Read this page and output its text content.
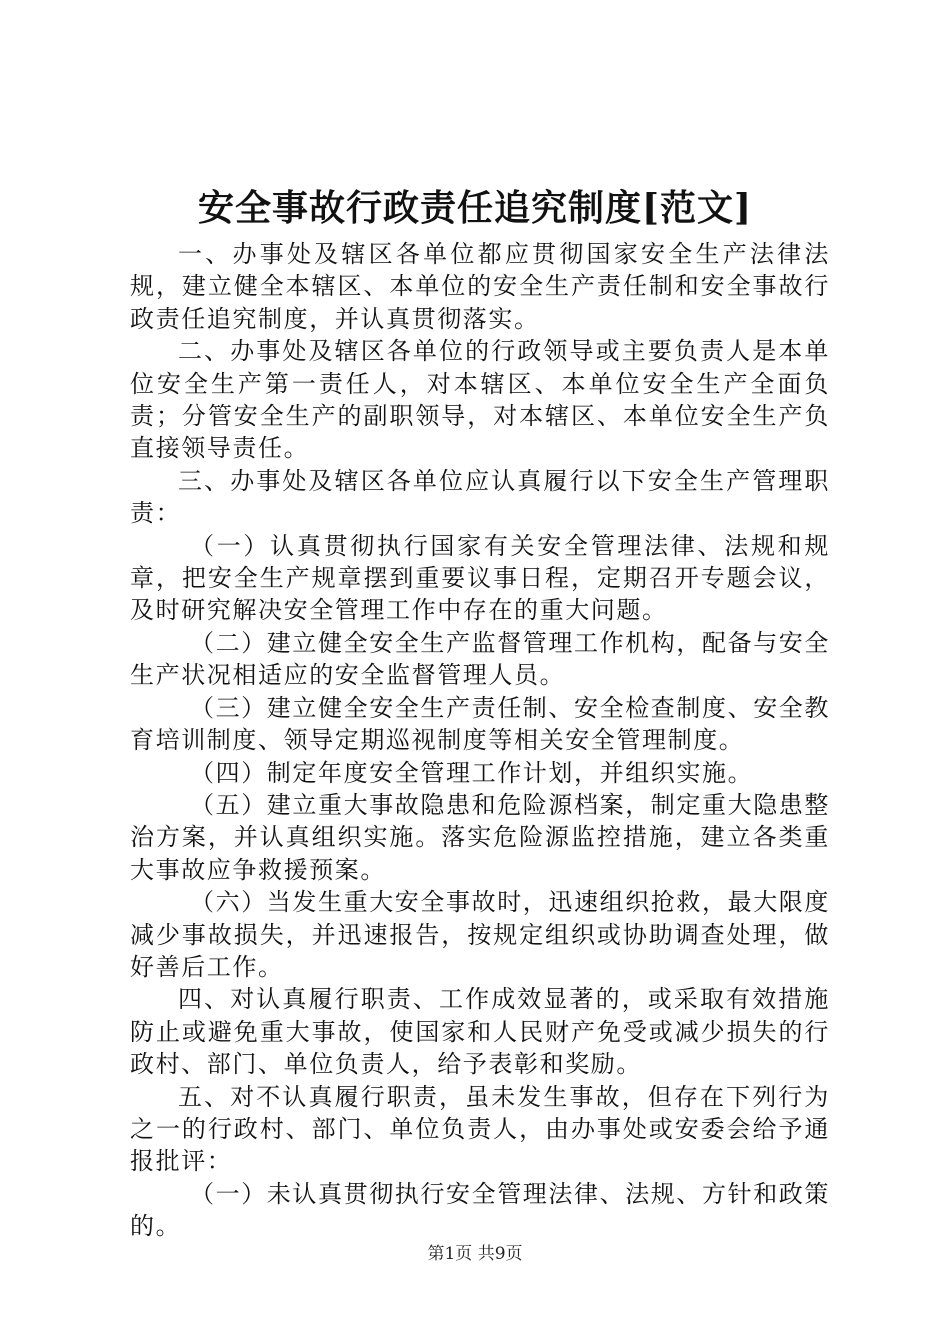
安全事故行政责任追究制度[范文]

一、办事处及辖区各单位都应贯彻国家安全生产法律法规，建立健全本辖区、本单位的安全生产责任制和安全事故行政责任追究制度，并认真贯彻落实。

二、办事处及辖区各单位的行政领导或主要负责人是本单位安全生产第一责任人，对本辖区、本单位安全生产全面负责；分管安全生产的副职领导，对本辖区、本单位安全生产负直接领导责任。

三、办事处及辖区各单位应认真履行以下安全生产管理职责：

（一）认真贯彻执行国家有关安全管理法律、法规和规章，把安全生产规章摆到重要议事日程，定期召开专题会议，及时研究解决安全管理工作中存在的重大问题。

（二）建立健全安全生产监督管理工作机构，配备与安全生产状况相适应的安全监督管理人员。

（三）建立健全安全生产责任制、安全检查制度、安全教育培训制度、领导定期巡视制度等相关安全管理制度。

（四）制定年度安全管理工作计划，并组织实施。

（五）建立重大事故隐患和危险源档案，制定重大隐患整治方案，并认真组织实施。落实危险源监控措施，建立各类重大事故应争救援预案。

（六）当发生重大安全事故时，迅速组织抢救，最大限度减少事故损失，并迅速报告，按规定组织或协助调查处理，做好善后工作。

四、对认真履行职责、工作成效显著的，或采取有效措施防止或避免重大事故，使国家和人民财产免受或减少损失的行政村、部门、单位负责人，给予表彰和奖励。

五、对不认真履行职责，虽未发生事故，但存在下列行为之一的行政村、部门、单位负责人，由办事处或安委会给予通报批评：

（一）未认真贯彻执行安全管理法律、法规、方针和政策的。

第1页 共9页
